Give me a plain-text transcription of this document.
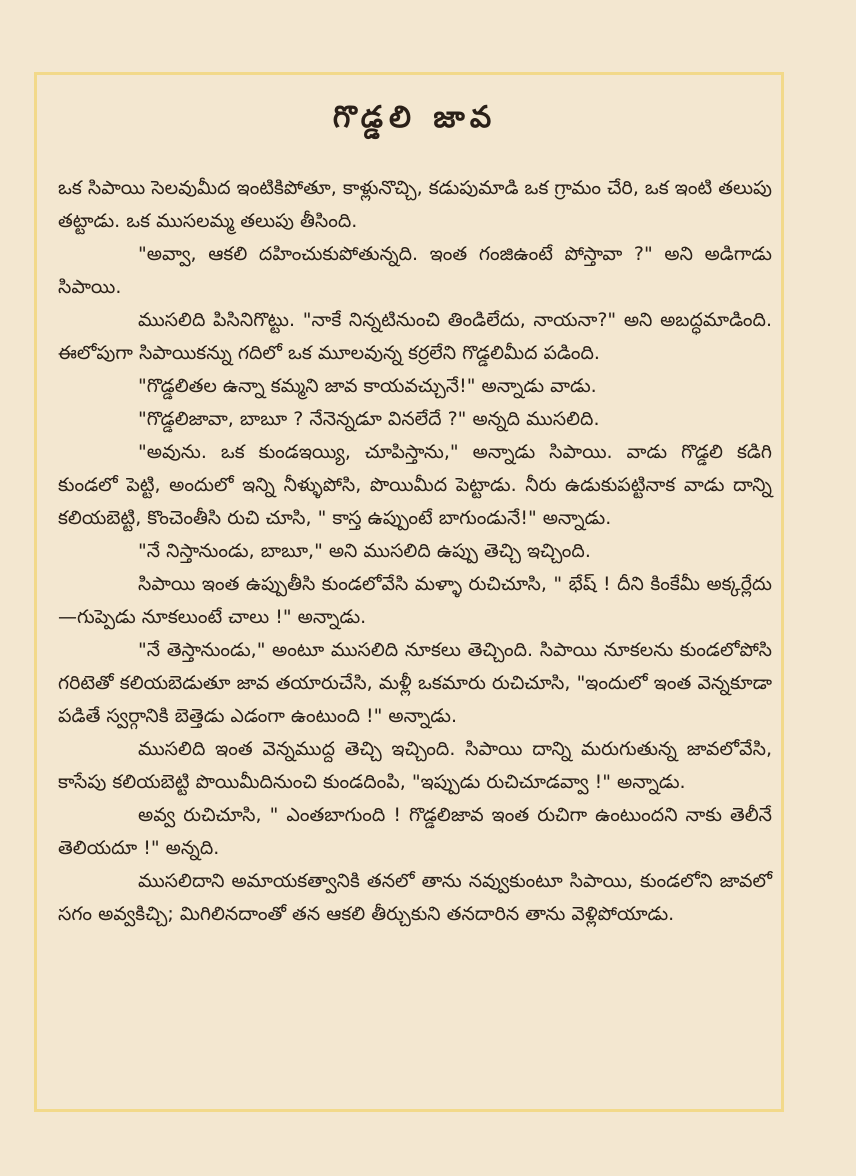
గొడ్డలి జావ

ఒక సిపాయి సెలవుమీద ఇంటికిపోతూ, కాళ్లునొచ్చి, కడుపుమాడి ఒక గ్రామం చేరి, ఒక ఇంటి తలుపు తట్టాడు. ఒక ముసలమ్మ తలుపు తీసింది.

"అవ్వా, ఆకలి దహించుకుపోతున్నది. ఇంత గంజిఉంటే పోస్తావా ?" అని అడిగాడు సిపాయి.

ముసలిది పిసినిగొట్టు. "నాకే నిన్నటినుంచి తిండిలేదు, నాయనా?" అని అబద్ధమాడింది. ఈలోపుగా సిపాయికన్ను గదిలో ఒక మూలవున్న కర్రలేని గొడ్డలిమీద పడింది.

"గొడ్డలితల ఉన్నా కమ్మని జావ కాయవచ్చునే!" అన్నాడు వాడు.

"గొడ్డలిజావా, బాబూ ? నేనెన్నడూ వినలేదే ?" అన్నది ముసలిది.

"అవును. ఒక కుండఇయ్యి, చూపిస్తాను," అన్నాడు సిపాయి. వాడు గొడ్డలి కడిగి కుండలో పెట్టి, అందులో ఇన్ని నీళ్ళుపోసి, పొయిమీద పెట్టాడు. నీరు ఉడుకుపట్టినాక వాడు దాన్ని కలియబెట్టి, కొంచెంతీసి రుచి చూసి, " కాస్త ఉప్పుంటే బాగుండునే!" అన్నాడు.

"నే నిస్తానుండు, బాబూ," అని ముసలిది ఉప్పు తెచ్చి ఇచ్చింది.

సిపాయి ఇంత ఉప్పుతీసి కుండలోవేసి మళ్ళా రుచిచూసి, " భేష్ ! దీని కింకేమీ అక్కర్లేదు—గుప్పెడు నూకలుంటే చాలు !" అన్నాడు.

"నే తెస్తానుండు," అంటూ ముసలిది నూకలు తెచ్చింది. సిపాయి నూకలను కుండలోపోసి గరిటెతో కలియబెడుతూ జావ తయారుచేసి, మళ్లీ ఒకమారు రుచిచూసి, "ఇందులో ఇంత వెన్నకూడా పడితే స్వర్గానికి బెత్తెడు ఎడంగా ఉంటుంది !" అన్నాడు.

ముసలిది ఇంత వెన్నముద్ద తెచ్చి ఇచ్చింది. సిపాయి దాన్ని మరుగుతున్న జావలోవేసి, కాసేపు కలియబెట్టి పొయిమీదినుంచి కుండదింపి, "ఇప్పుడు రుచిచూడవ్వా !" అన్నాడు.

అవ్వ రుచిచూసి, " ఎంతబాగుంది ! గొడ్డలిజావ ఇంత రుచిగా ఉంటుందని నాకు తెలీనే తెలియదూ !" అన్నది.

ముసలిదాని అమాయకత్వానికి తనలో తాను నవ్వుకుంటూ సిపాయి, కుండలోని జావలో సగం అవ్వకిచ్చి; మిగిలినదాంతో తన ఆకలి తీర్చుకుని తనదారిన తాను వెళ్లిపోయాడు.
